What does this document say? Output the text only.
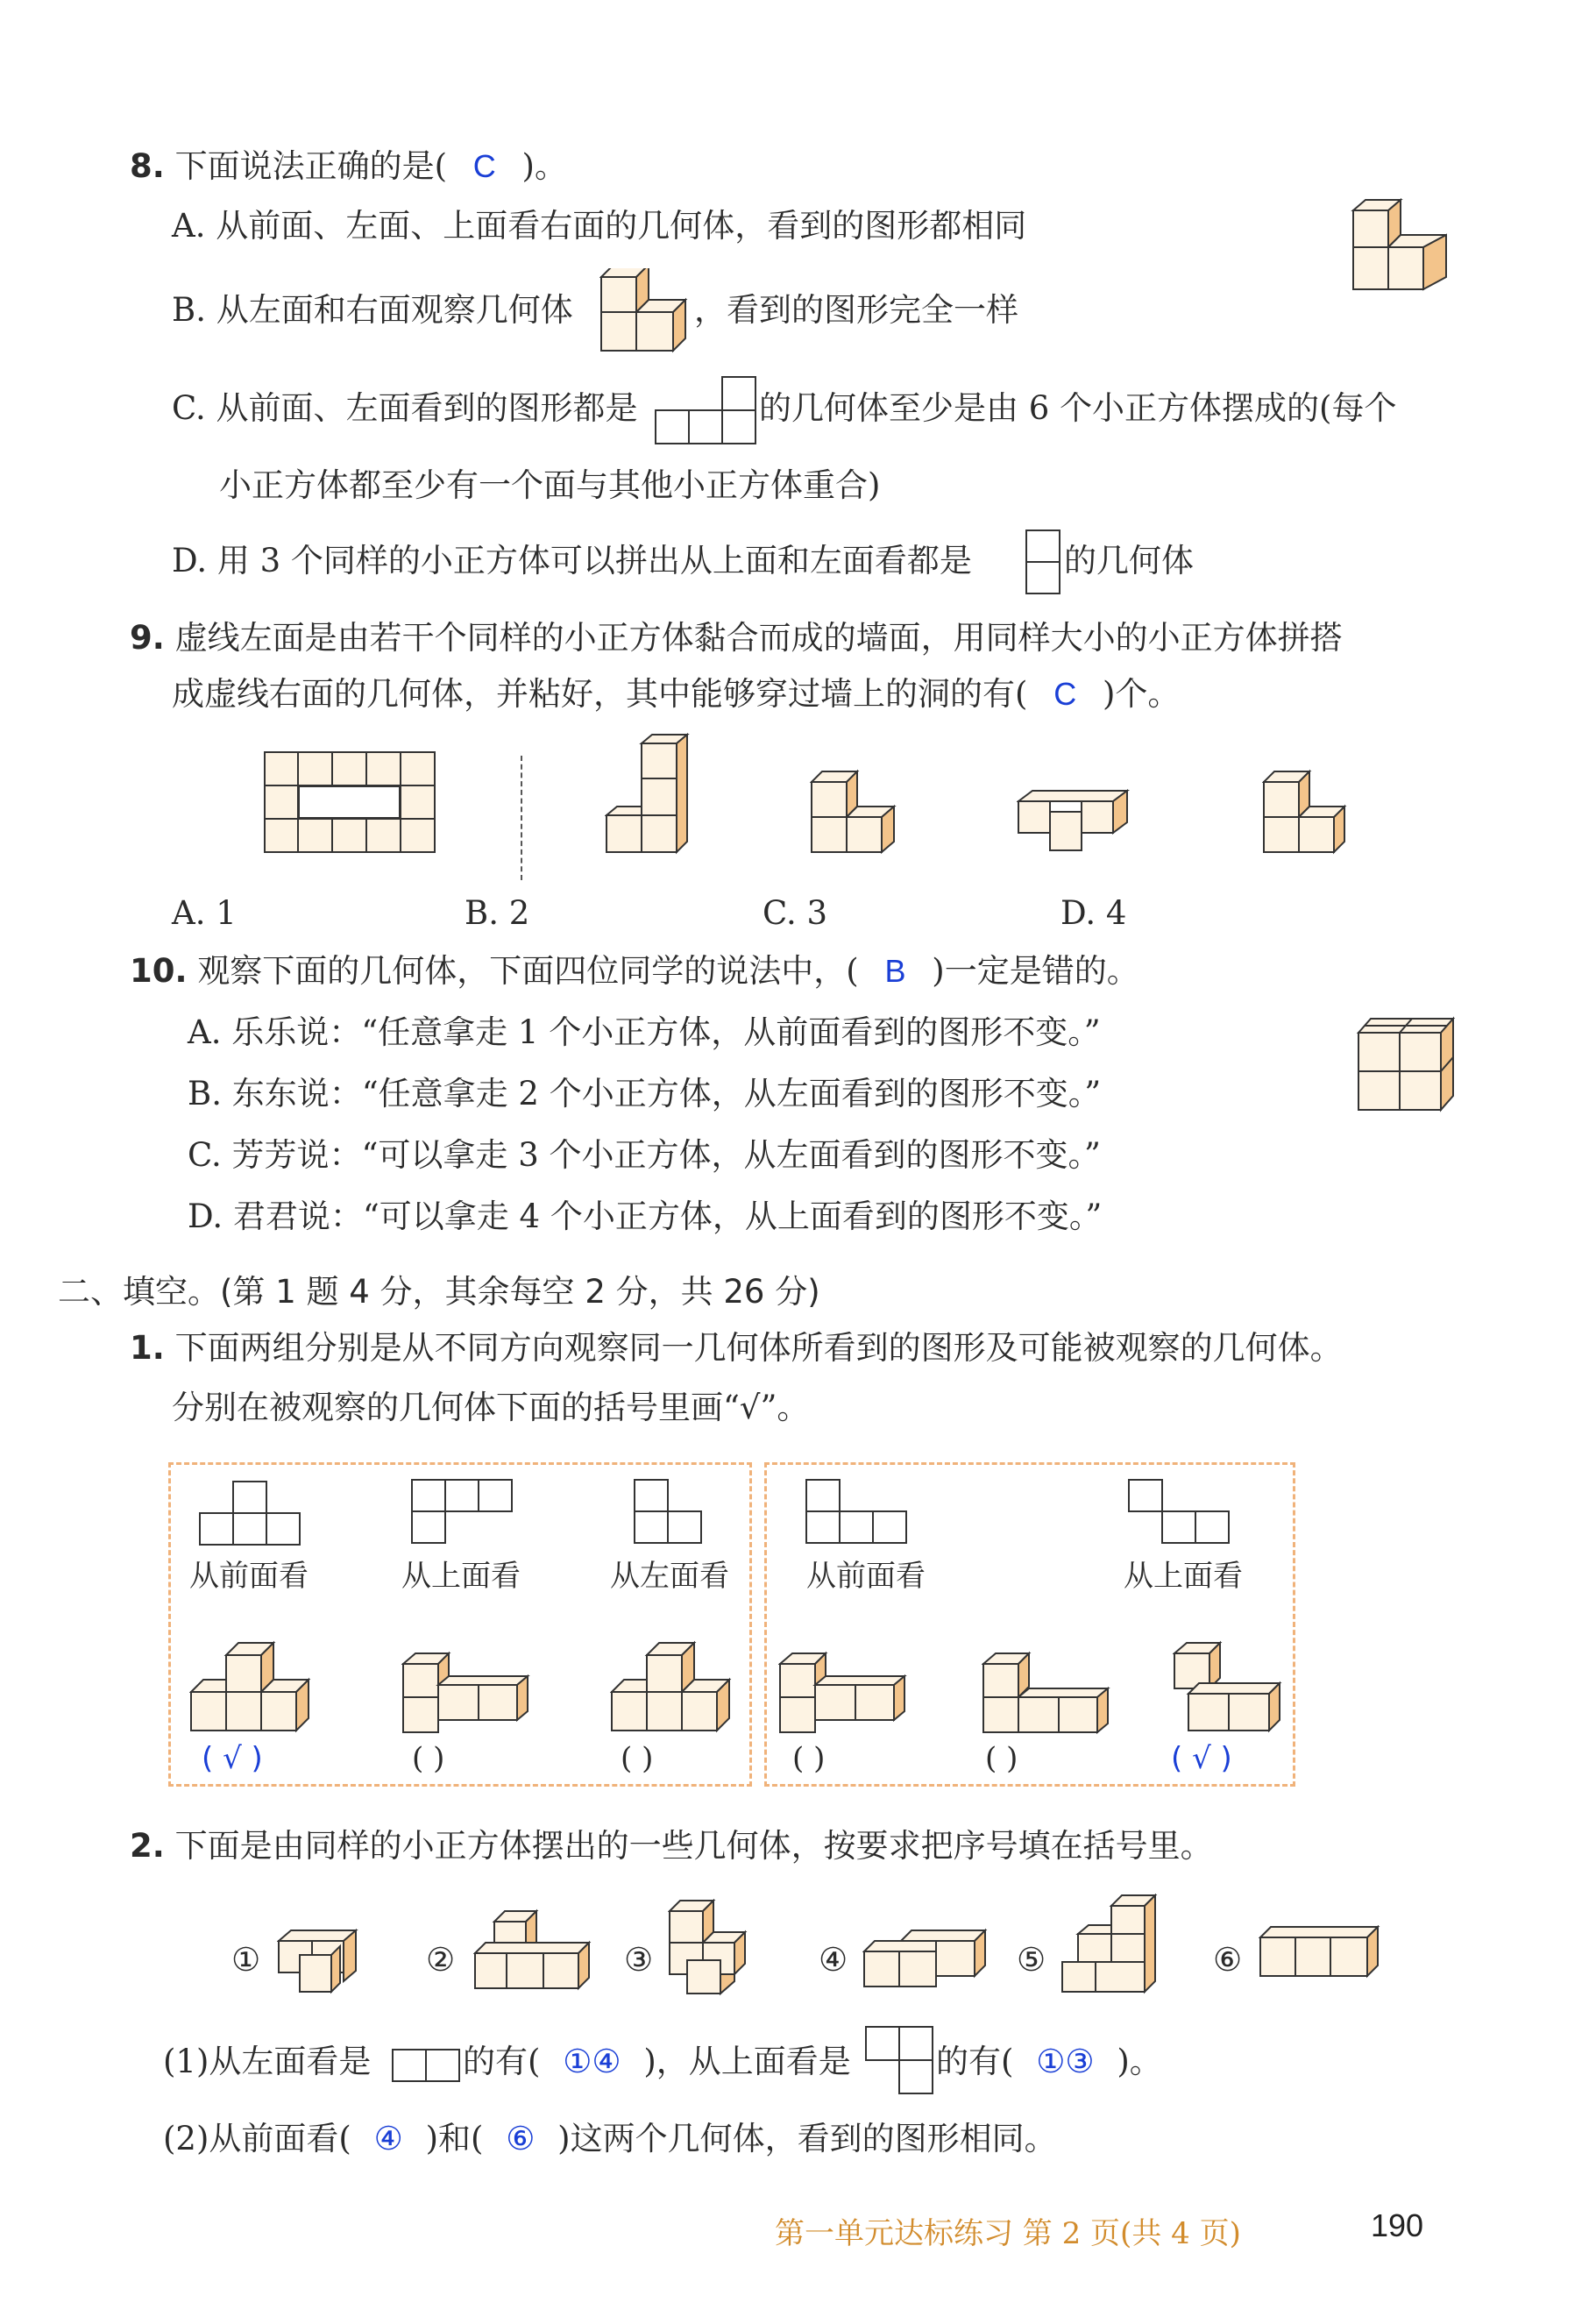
8. 下面说法正确的是( C )。
A. 从前面、左面、上面看右面的几何体，看到的图形都相同
B. 从左面和右面观察几何体	，看到的图形完全一样
C. 从前面、左面看到的图形都是	的几何体至少是由 6 个小正方体摆成的(每个
小正方体都至少有一个面与其他小正方体重合)
D. 用 3 个同样的小正方体可以拼出从上面和左面看都是	的几何体
9. 虚线左面是由若干个同样的小正方体黏合而成的墙面，用同样大小的小正方体拼搭
成虚线右面的几何体，并粘好，其中能够穿过墙上的洞的有( C )个。
A. 1	B. 2	C. 3	D. 4
10. 观察下面的几何体，下面四位同学的说法中，( B )一定是错的。
A. 乐乐说：“任意拿走 1 个小正方体，从前面看到的图形不变。”
B. 东东说：“任意拿走 2 个小正方体，从左面看到的图形不变。”
C. 芳芳说：“可以拿走 3 个小正方体，从左面看到的图形不变。”
D. 君君说：“可以拿走 4 个小正方体，从上面看到的图形不变。”
二、填空。(第 1 题 4 分，其余每空 2 分，共 26 分)
1. 下面两组分别是从不同方向观察同一几何体所看到的图形及可能被观察的几何体。
分别在被观察的几何体下面的括号里画“√”。
从前面看	从上面看	从左面看
( √ )	( )	( )
从前面看	从上面看
( )	( )	( √ )
2. 下面是由同样的小正方体摆出的一些几何体，按要求把序号填在括号里。
①	②	③	④	⑤	⑥
(1)从左面看是	的有( ①④ )，从上面看是	的有( ①③ )。
(2)从前面看( ④ )和( ⑥ )这两个几何体，看到的图形相同。
第一单元达标练习 第 2 页(共 4 页)	190
